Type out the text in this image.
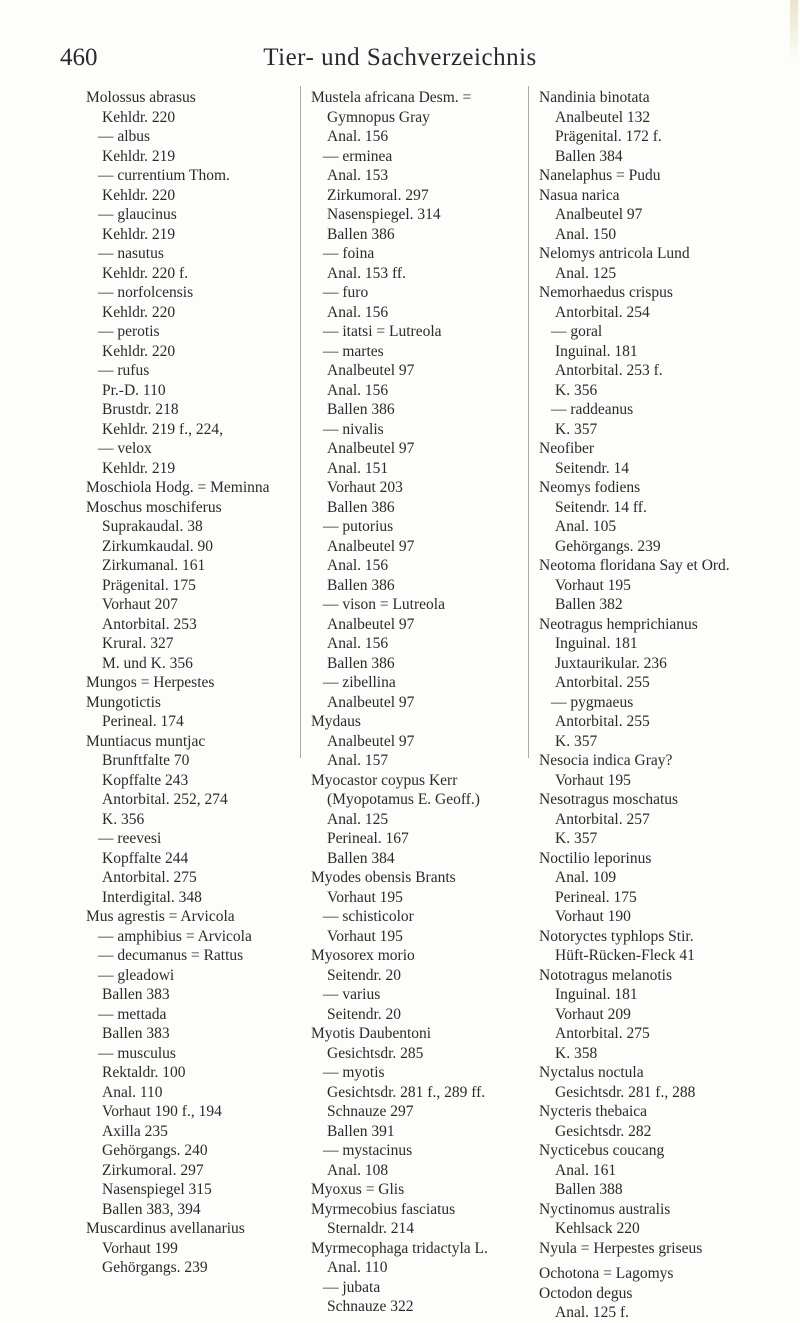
460	Tier- und Sachverzeichnis
Molossus abrasus
Kehldr. 220
— albus
Kehldr. 219
— currentium Thom.
Kehldr. 220
— glaucinus
Kehldr. 219
— nasutus
Kehldr. 220 f.
— norfolcensis
Kehldr. 220
— perotis
Kehldr. 220
— rufus
Pr.-D. 110
Brustdr. 218
Kehldr. 219 f., 224,
— velox
Kehldr. 219
Moschiola Hodg. = Meminna
Moschus moschiferus
Suprakaudal. 38
Zirkumkaudal. 90
Zirkumanal. 161
Prägenital. 175
Vorhaut 207
Antorbital. 253
Krural. 327
M. und K. 356
Mungos = Herpestes
Mungotictis
Perineal. 174
Muntiacus muntjac
Brunftfalte 70
Kopffalte 243
Antorbital. 252, 274
K. 356
— reevesi
Kopffalte 244
Antorbital. 275
Interdigital. 348
Mus agrestis = Arvicola
— amphibius = Arvicola
— decumanus = Rattus
— gleadowi
Ballen 383
— mettada
Ballen 383
— musculus
Rektaldr. 100
Anal. 110
Vorhaut 190 f., 194
Axilla 235
Gehörgangs. 240
Zirkumoral. 297
Nasenspiegel 315
Ballen 383, 394
Muscardinus avellanarius
Vorhaut 199
Gehörgangs. 239
Mustela africana Desm. =
Gymnopus Gray
Anal. 156
— erminea
Anal. 153
Zirkumoral. 297
Nasenspiegel. 314
Ballen 386
— foina
Anal. 153 ff.
— furo
Anal. 156
— itatsi = Lutreola
— martes
Analbeutel 97
Anal. 156
Ballen 386
— nivalis
Analbeutel 97
Anal. 151
Vorhaut 203
Ballen 386
— putorius
Analbeutel 97
Anal. 156
Ballen 386
— vison = Lutreola
Analbeutel 97
Anal. 156
Ballen 386
— zibellina
Analbeutel 97
Mydaus
Analbeutel 97
Anal. 157
Myocastor coypus Kerr
(Myopotamus E. Geoff.)
Anal. 125
Perineal. 167
Ballen 384
Myodes obensis Brants
Vorhaut 195
— schisticolor
Vorhaut 195
Myosorex morio
Seitendr. 20
— varius
Seitendr. 20
Myotis Daubentoni
Gesichtsdr. 285
— myotis
Gesichtsdr. 281 f., 289 ff.
Schnauze 297
Ballen 391
— mystacinus
Anal. 108
Myoxus = Glis
Myrmecobius fasciatus
Sternaldr. 214
Myrmecophaga tridactyla L.
Anal. 110
— jubata
Schnauze 322
Nandinia binotata
Analbeutel 132
Prägenital. 172 f.
Ballen 384
Nanelaphus = Pudu
Nasua narica
Analbeutel 97
Anal. 150
Nelomys antricola Lund
Anal. 125
Nemorhaedus crispus
Antorbital. 254
— goral
Inguinal. 181
Antorbital. 253 f.
K. 356
— raddeanus
K. 357
Neofiber
Seitendr. 14
Neomys fodiens
Seitendr. 14 ff.
Anal. 105
Gehörgangs. 239
Neotoma floridana Say et Ord.
Vorhaut 195
Ballen 382
Neotragus hemprichianus
Inguinal. 181
Juxtaurikular. 236
Antorbital. 255
— pygmaeus
Antorbital. 255
K. 357
Nesocia indica Gray?
Vorhaut 195
Nesotragus moschatus
Antorbital. 257
K. 357
Noctilio leporinus
Anal. 109
Perineal. 175
Vorhaut 190
Notoryctes typhlops Stir.
Hüft-Rücken-Fleck 41
Nototragus melanotis
Inguinal. 181
Vorhaut 209
Antorbital. 275
K. 358
Nyctalus noctula
Gesichtsdr. 281 f., 288
Nycteris thebaica
Gesichtsdr. 282
Nycticebus coucang
Anal. 161
Ballen 388
Nyctinomus australis
Kehlsack 220
Nyula = Herpestes griseus
Ochotona = Lagomys
Octodon degus
Anal. 125 f.
